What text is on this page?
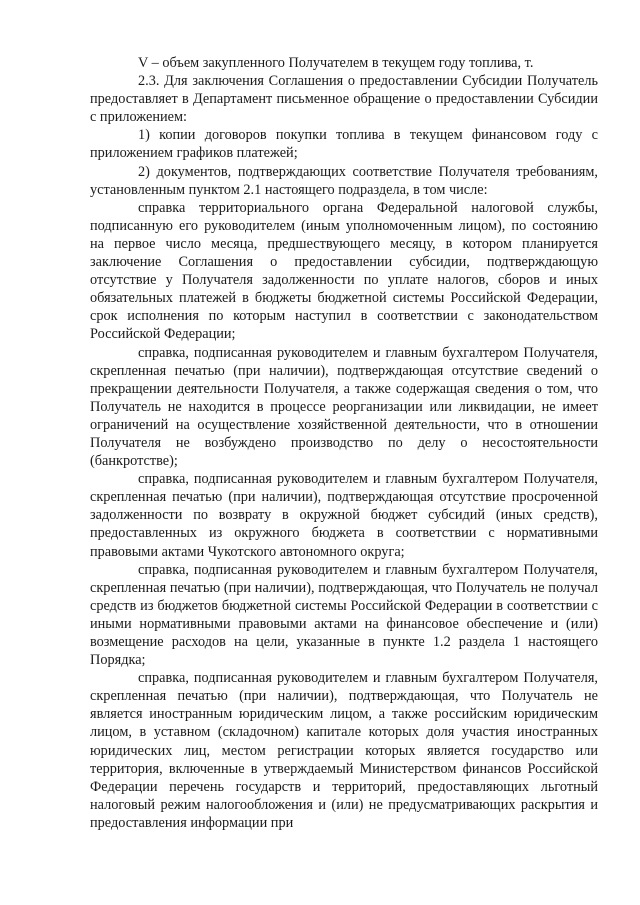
V – объем закупленного Получателем в текущем году топлива, т.

2.3. Для заключения Соглашения о предоставлении Субсидии Получатель предоставляет в Департамент письменное обращение о предоставлении Субсидии с приложением:

1) копии договоров покупки топлива в текущем финансовом году с приложением графиков платежей;

2) документов, подтверждающих соответствие Получателя требованиям, установленным пунктом 2.1 настоящего подраздела, в том числе:

справка территориального органа Федеральной налоговой службы, подписанную его руководителем (иным уполномоченным лицом), по состоянию на первое число месяца, предшествующего месяцу, в котором планируется заключение Соглашения о предоставлении субсидии, подтверждающую отсутствие у Получателя задолженности по уплате налогов, сборов и иных обязательных платежей в бюджеты бюджетной системы Российской Федерации, срок исполнения по которым наступил в соответствии с законодательством Российской Федерации;

справка, подписанная руководителем и главным бухгалтером Получателя, скрепленная печатью (при наличии), подтверждающая отсутствие сведений о прекращении деятельности Получателя, а также содержащая сведения о том, что Получатель не находится в процессе реорганизации или ликвидации, не имеет ограничений на осуществление хозяйственной деятельности, что в отношении Получателя не возбуждено производство по делу о несостоятельности (банкротстве);

справка, подписанная руководителем и главным бухгалтером Получателя, скрепленная печатью (при наличии), подтверждающая отсутствие просроченной задолженности по возврату в окружной бюджет субсидий (иных средств), предоставленных из окружного бюджета в соответствии с нормативными правовыми актами Чукотского автономного округа;

справка, подписанная руководителем и главным бухгалтером Получателя, скрепленная печатью (при наличии), подтверждающая, что Получатель не получал средств из бюджетов бюджетной системы Российской Федерации в соответствии с иными нормативными правовыми актами на финансовое обеспечение и (или) возмещение расходов на цели, указанные в пункте 1.2 раздела 1 настоящего Порядка;

справка, подписанная руководителем и главным бухгалтером Получателя, скрепленная печатью (при наличии), подтверждающая, что Получатель не является иностранным юридическим лицом, а также российским юридическим лицом, в уставном (складочном) капитале которых доля участия иностранных юридических лиц, местом регистрации которых является государство или территория, включенные в утверждаемый Министерством финансов Российской Федерации перечень государств и территорий, предоставляющих льготный налоговый режим налогообложения и (или) не предусматривающих раскрытия и предоставления информации при
